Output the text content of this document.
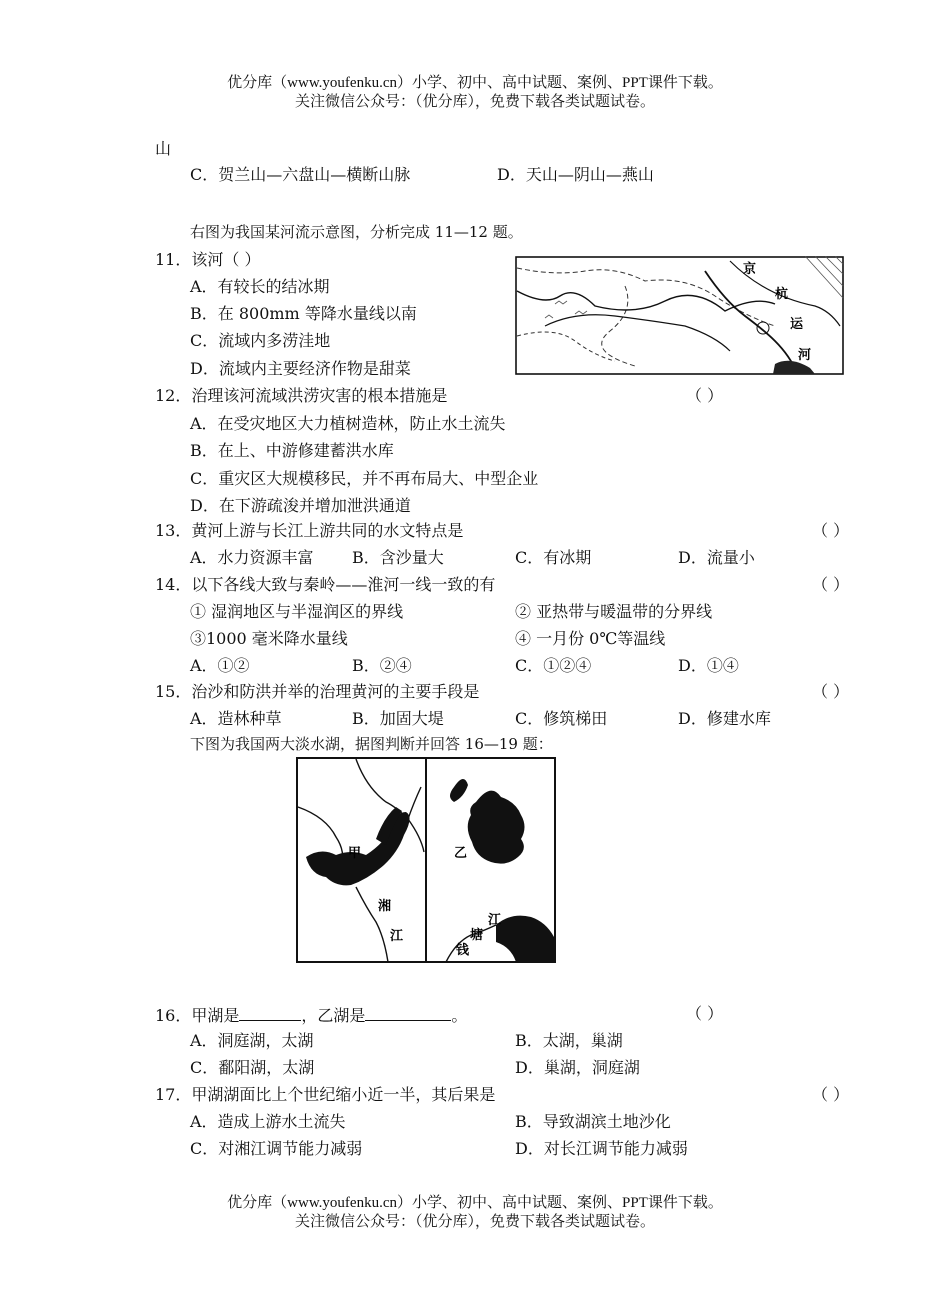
优分库（www.youfenku.cn）小学、初中、高中试题、案例、PPT课件下载。
关注微信公众号：（优分库），免费下载各类试题试卷。
山
C．贺兰山—六盘山—横断山脉	D．天山—阴山—燕山
右图为我国某河流示意图，分析完成 11—12 题。
京
杭
运
河
11．该河（ ）
A．有较长的结冰期
B．在 800mm 等降水量线以南
C．流域内多涝洼地
D．流域内主要经济作物是甜菜
12．治理该河流域洪涝灾害的根本措施是	（ ）
A．在受灾地区大力植树造林，防止水土流失
B．在上、中游修建蓄洪水库
C．重灾区大规模移民，并不再布局大、中型企业
D．在下游疏浚并增加泄洪通道
13．黄河上游与长江上游共同的水文特点是	（ ）
A．水力资源丰富 B．含沙量大	C．有冰期	D．流量小
14．以下各线大致与秦岭——淮河一线一致的有	（ ）
① 湿润地区与半湿润区的界线	② 亚热带与暖温带的分界线
③1000 毫米降水量线	④ 一月份 0℃等温线
A．①②	B．②④	C．①②④	D．①④
15．治沙和防洪并举的治理黄河的主要手段是	（ ）
A．造林种草	B．加固大堤	C．修筑梯田	D．修建水库
下图为我国两大淡水湖，据图判断并回答 16—19 题：
甲
湘
江
乙
江
塘
钱
16．甲湖是	，乙湖是	。	（ ）
A．洞庭湖，太湖	B．太湖，巢湖
C．鄱阳湖，太湖	D．巢湖，洞庭湖
17．甲湖湖面比上个世纪缩小近一半，其后果是	（ ）
A．造成上游水土流失	B．导致湖滨土地沙化
C．对湘江调节能力减弱	D．对长江调节能力减弱
优分库（www.youfenku.cn）小学、初中、高中试题、案例、PPT课件下载。
关注微信公众号：（优分库），免费下载各类试题试卷。
